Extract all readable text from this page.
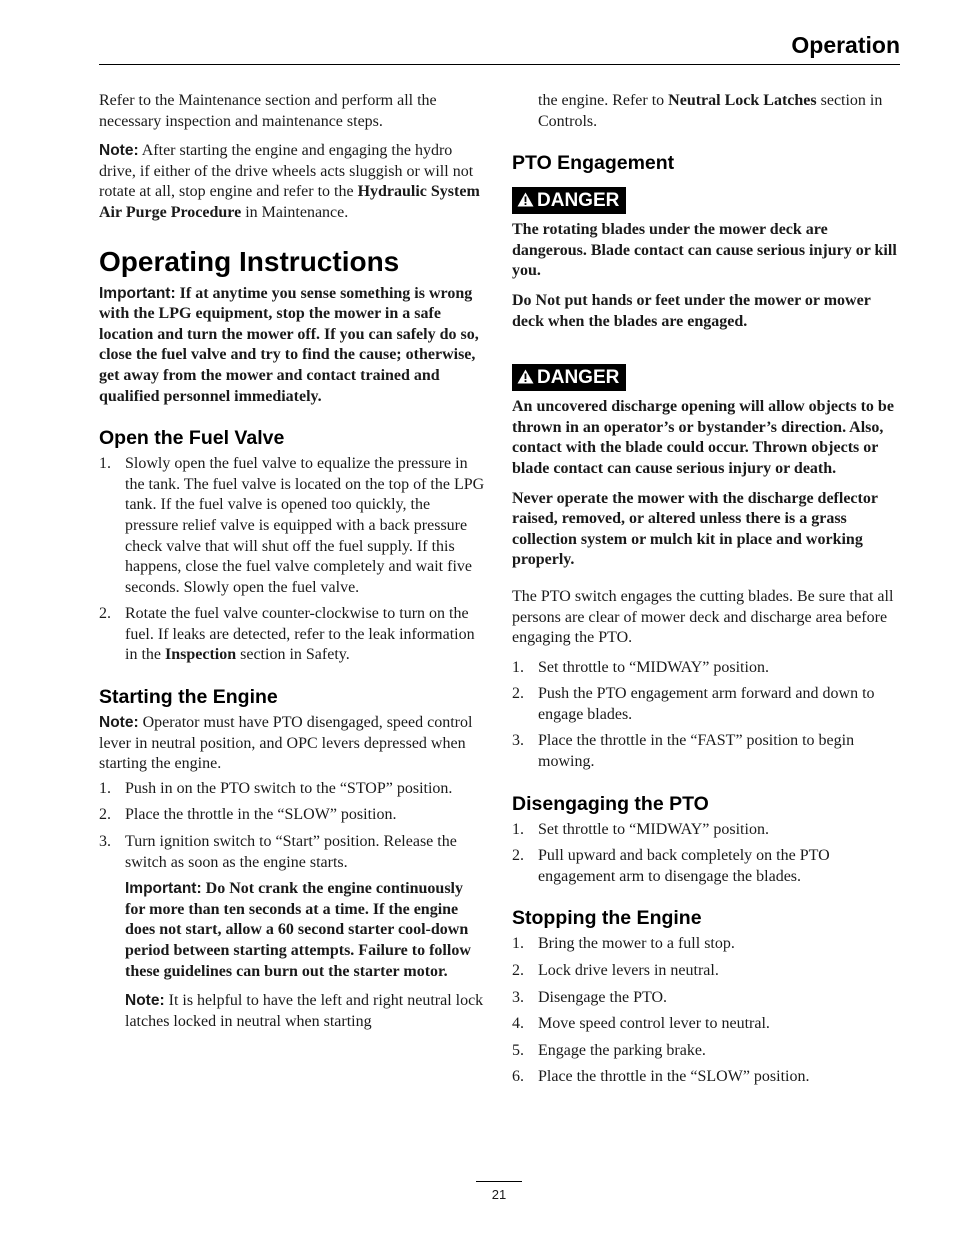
Operation

Refer to the Maintenance section and perform all the necessary inspection and maintenance steps.

Note: After starting the engine and engaging the hydro drive, if either of the drive wheels acts sluggish or will not rotate at all, stop engine and refer to the Hydraulic System Air Purge Procedure in Maintenance.

Operating Instructions

Important: If at anytime you sense something is wrong with the LPG equipment, stop the mower in a safe location and turn the mower off. If you can safely do so, close the fuel valve and try to find the cause; otherwise, get away from the mower and contact trained and qualified personnel immediately.

Open the Fuel Valve
1. Slowly open the fuel valve to equalize the pressure in the tank. The fuel valve is located on the top of the LPG tank. If the fuel valve is opened too quickly, the pressure relief valve is equipped with a back pressure check valve that will shut off the fuel supply. If this happens, close the fuel valve completely and wait five seconds. Slowly open the fuel valve.
2. Rotate the fuel valve counter-clockwise to turn on the fuel. If leaks are detected, refer to the leak information in the Inspection section in Safety.
Starting the Engine

Note: Operator must have PTO disengaged, speed control lever in neutral position, and OPC levers depressed when starting the engine.

1. Push in on the PTO switch to the “STOP” position.
2. Place the throttle in the “SLOW” position.
3. Turn ignition switch to “Start” position. Release the switch as soon as the engine starts.

Important: Do Not crank the engine continuously for more than ten seconds at a time. If the engine does not start, allow a 60 second starter cool-down period between starting attempts. Failure to follow these guidelines can burn out the starter motor.

Note: It is helpful to have the left and right neutral lock latches locked in neutral when starting

the engine. Refer to Neutral Lock Latches section in Controls.

PTO Engagement
DANGER

The rotating blades under the mower deck are dangerous. Blade contact can cause serious injury or kill you.

Do Not put hands or feet under the mower or mower deck when the blades are engaged.

DANGER

An uncovered discharge opening will allow objects to be thrown in an operator’s or bystander’s direction. Also, contact with the blade could occur. Thrown objects or blade contact can cause serious injury or death.

Never operate the mower with the discharge deflector raised, removed, or altered unless there is a grass collection system or mulch kit in place and working properly.

The PTO switch engages the cutting blades. Be sure that all persons are clear of mower deck and discharge area before engaging the PTO.

1. Set throttle to “MIDWAY” position.
2. Push the PTO engagement arm forward and down to engage blades.
3. Place the throttle in the “FAST” position to begin mowing.
Disengaging the PTO
1. Set throttle to “MIDWAY” position.
2. Pull upward and back completely on the PTO engagement arm to disengage the blades.
Stopping the Engine
1. Bring the mower to a full stop.
2. Lock drive levers in neutral.
3. Disengage the PTO.
4. Move speed control lever to neutral.
5. Engage the parking brake.
6. Place the throttle in the “SLOW” position.
21
